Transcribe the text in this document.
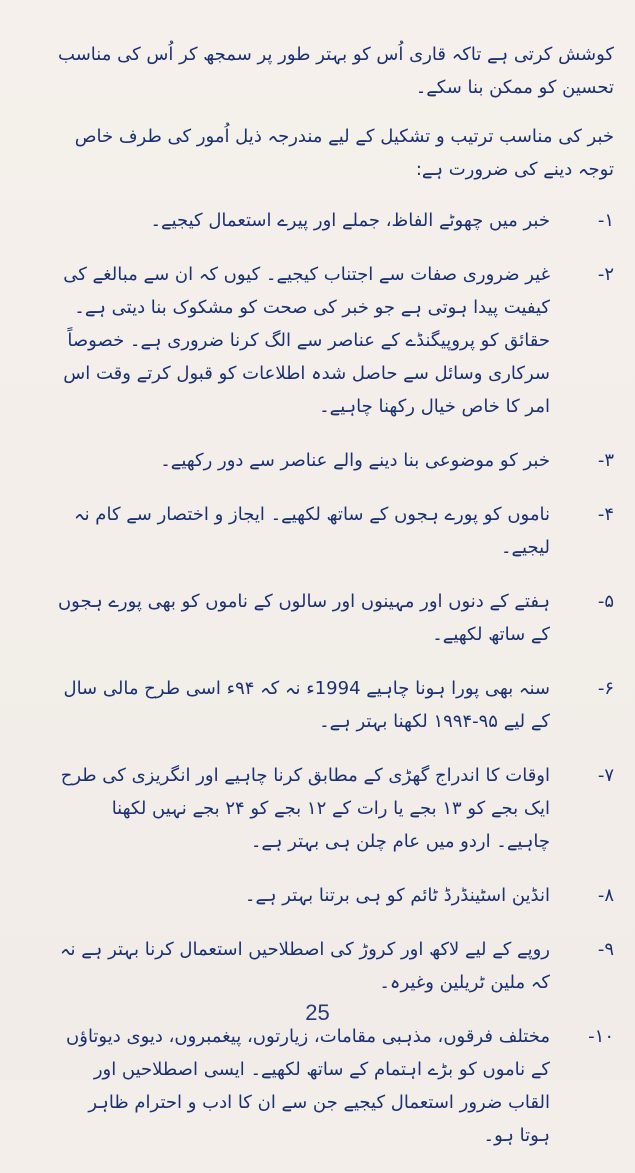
کوشش کرتی ہے تاکہ قاری اُس کو بہتر طور پر سمجھ کر اُس کی مناسب تحسین کو ممکن بنا سکے۔

خبر کی مناسب ترتیب و تشکیل کے لیے مندرجہ ذیل اُمور کی طرف خاص توجہ دینے کی ضرورت ہے:

۱-
خبر میں چھوٹے الفاظ، جملے اور پیرے استعمال کیجیے۔
۲-
غیر ضروری صفات سے اجتناب کیجیے۔ کیوں کہ ان سے مبالغے کی کیفیت پیدا ہوتی ہے جو خبر کی صحت کو مشکوک بنا دیتی ہے۔ حقائق کو پروپیگنڈے کے عناصر سے الگ کرنا ضروری ہے۔ خصوصاً سرکاری وسائل سے حاصل شدہ اطلاعات کو قبول کرتے وقت اس امر کا خاص خیال رکھنا چاہیے۔
۳-
خبر کو موضوعی بنا دینے والے عناصر سے دور رکھیے۔
۴-
ناموں کو پورے ہجوں کے ساتھ لکھیے۔ ایجاز و اختصار سے کام نہ لیجیے۔
۵-
ہفتے کے دنوں اور مہینوں اور سالوں کے ناموں کو بھی پورے ہجوں کے ساتھ لکھیے۔
۶-
سنہ بھی پورا ہونا چاہیے 1994ء نہ کہ ۹۴ء اسی طرح مالی سال کے لیے ۹۵-۱۹۹۴ لکھنا بہتر ہے۔
۷-
اوقات کا اندراج گھڑی کے مطابق کرنا چاہیے اور انگریزی کی طرح ایک بجے کو ۱۳ بجے یا رات کے ۱۲ بجے کو ۲۴ بجے نہیں لکھنا چاہیے۔ اردو میں عام چلن ہی بہتر ہے۔
۸-
انڈین اسٹینڈرڈ ٹائم کو ہی برتنا بہتر ہے۔
۹-
روپے کے لیے لاکھ اور کروڑ کی اصطلاحیں استعمال کرنا بہتر ہے نہ کہ ملین ٹریلین وغیرہ۔
۱۰-
مختلف فرقوں، مذہبی مقامات، زیارتوں، پیغمبروں، دیوی دیوتاؤں کے ناموں کو بڑے اہتمام کے ساتھ لکھیے۔ ایسی اصطلاحیں اور القاب ضرور استعمال کیجیے جن سے ان کا ادب و احترام ظاہر ہوتا ہو۔
25
